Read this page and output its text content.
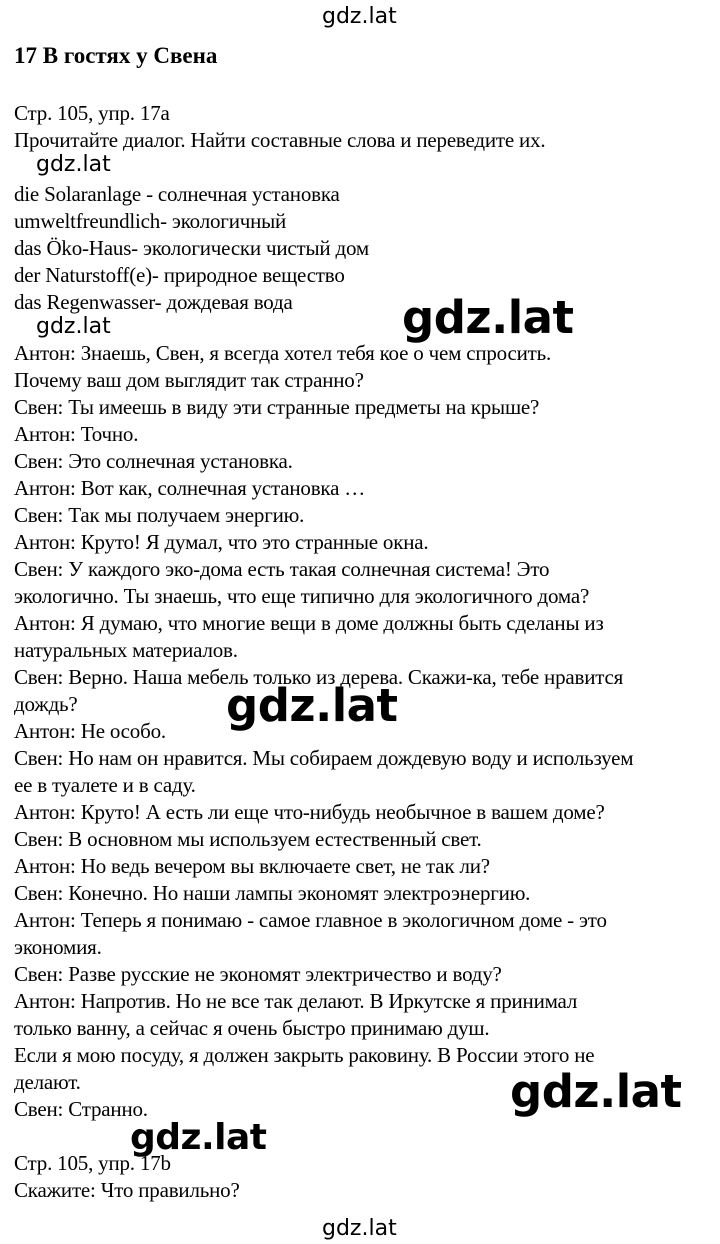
gdz.lat
gdz.lat
gdz.lat	gdz.lat
gdz.lat
gdz.lat
gdz.lat
gdz.lat
17 В гостях у Свена
Стр. 105, упр. 17a
Прочитайте диалог. Найти составные слова и переведите их.
die Solaranlage - солнечная установка
umweltfreundlich- экологичный
das Öko-Haus- экологически чистый дом
der Naturstoff(e)- природное вещество
das Regenwasser- дождевая вода
Антон: Знаешь, Свен, я всегда хотел тебя кое о чем спросить.
Почему ваш дом выглядит так странно?
Свен: Ты имеешь в виду эти странные предметы на крыше?
Антон: Точно.
Свен: Это солнечная установка.
Антон: Вот как, солнечная установка …
Свен: Так мы получаем энергию.
Антон: Круто! Я думал, что это странные окна.
Свен: У каждого эко-дома есть такая солнечная система! Это
экологично. Ты знаешь, что еще типично для экологичного дома?
Антон: Я думаю, что многие вещи в доме должны быть сделаны из
натуральных материалов.
Свен: Верно. Наша мебель только из дерева. Скажи-ка, тебе нравится
дождь?
Антон: Не особо.
Свен: Но нам он нравится. Мы собираем дождевую воду и используем
ее в туалете и в саду.
Антон: Круто! А есть ли еще что-нибудь необычное в вашем доме?
Свен: В основном мы используем естественный свет.
Антон: Но ведь вечером вы включаете свет, не так ли?
Свен: Конечно. Но наши лампы экономят электроэнергию.
Антон: Теперь я понимаю - самое главное в экологичном доме - это
экономия.
Свен: Разве русские не экономят электричество и воду?
Антон: Напротив. Но не все так делают. В Иркутске я принимал
только ванну, а сейчас я очень быстро принимаю душ.
Если я мою посуду, я должен закрыть раковину. В России этого не
делают.
Свен: Странно.
Стр. 105, упр. 17b
Скажите: Что правильно?
